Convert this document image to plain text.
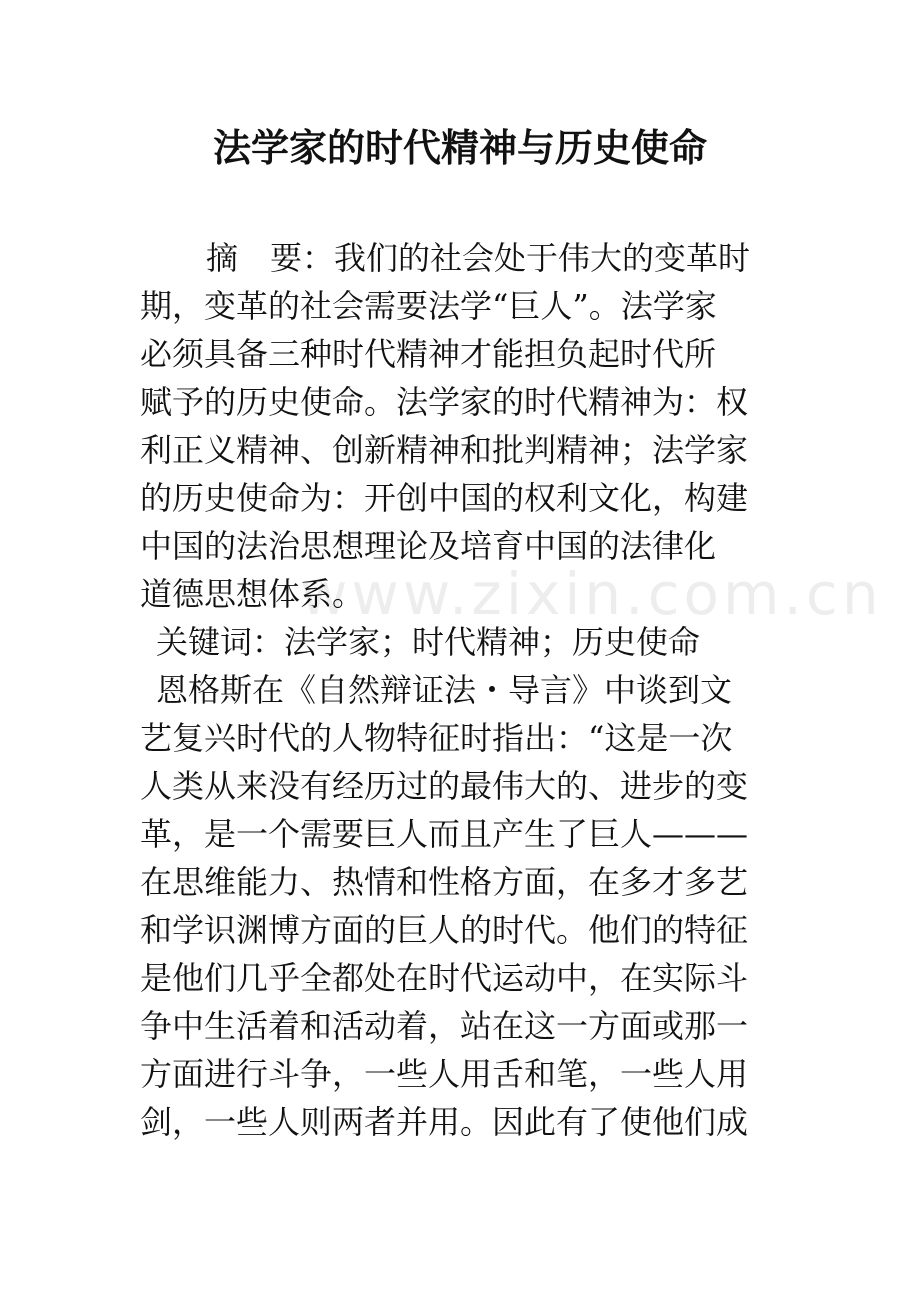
法学家的时代精神与历史使命
摘　要：我们的社会处于伟大的变革时
期，变革的社会需要法学“巨人”。法学家
必须具备三种时代精神才能担负起时代所
赋予的历史使命。法学家的时代精神为：权
利正义精神、创新精神和批判精神；法学家
的历史使命为：开创中国的权利文化，构建
中国的法治思想理论及培育中国的法律化
道德思想体系。
关键词：法学家；时代精神；历史使命
恩格斯在《自然辩证法・导言》中谈到文
艺复兴时代的人物特征时指出：“这是一次
人类从来没有经历过的最伟大的、进步的变
革，是一个需要巨人而且产生了巨人———
在思维能力、热情和性格方面，在多才多艺
和学识渊博方面的巨人的时代。他们的特征
是他们几乎全都处在时代运动中，在实际斗
争中生活着和活动着，站在这一方面或那一
方面进行斗争，一些人用舌和笔，一些人用
剑，一些人则两者并用。因此有了使他们成
www.zixin.com.cn
